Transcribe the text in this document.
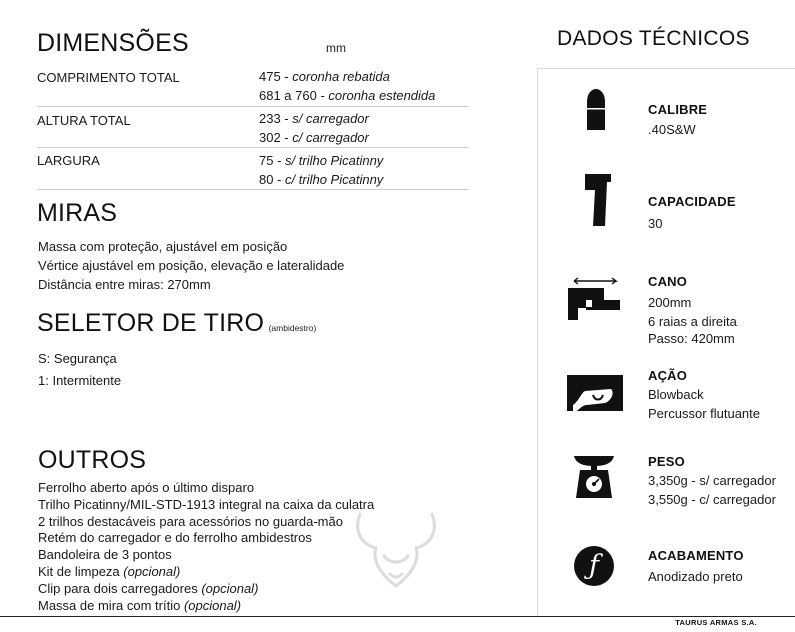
DIMENSÕES	mm
COMPRIMENTO TOTAL	475 - coronha rebatida
681 a 760 - coronha estendida
ALTURA TOTAL	233 - s/ carregador
302 - c/ carregador
LARGURA	75 - s/ trilho Picatinny
80 - c/ trilho Picatinny
MIRAS
Massa com proteção, ajustável em posição
Vértice ajustável em posição, elevação e lateralidade
Distância entre miras: 270mm
SELETOR DE TIRO (ambidestro)
S: Segurança
1: Intermitente
OUTROS
Ferrolho aberto após o último disparo
Trilho Picatinny/MIL-STD-1913 integral na caixa da culatra
2 trilhos destacáveis para acessórios no guarda-mão
Retém do carregador e do ferrolho ambidestros
Bandoleira de 3 pontos
Kit de limpeza (opcional)
Clip para dois carregadores (opcional)
Massa de mira com trítio (opcional)
DADOS TÉCNICOS
CALIBRE
.40S&W
CAPACIDADE
30
CANO
200mm
6 raias a direita
Passo: 420mm
AÇÃO
Blowback
Percussor flutuante
PESO
3,350g - s/ carregador
3,550g - c/ carregador
ƒ	ACABAMENTO
Anodizado preto
TAURUS ARMAS S.A.
